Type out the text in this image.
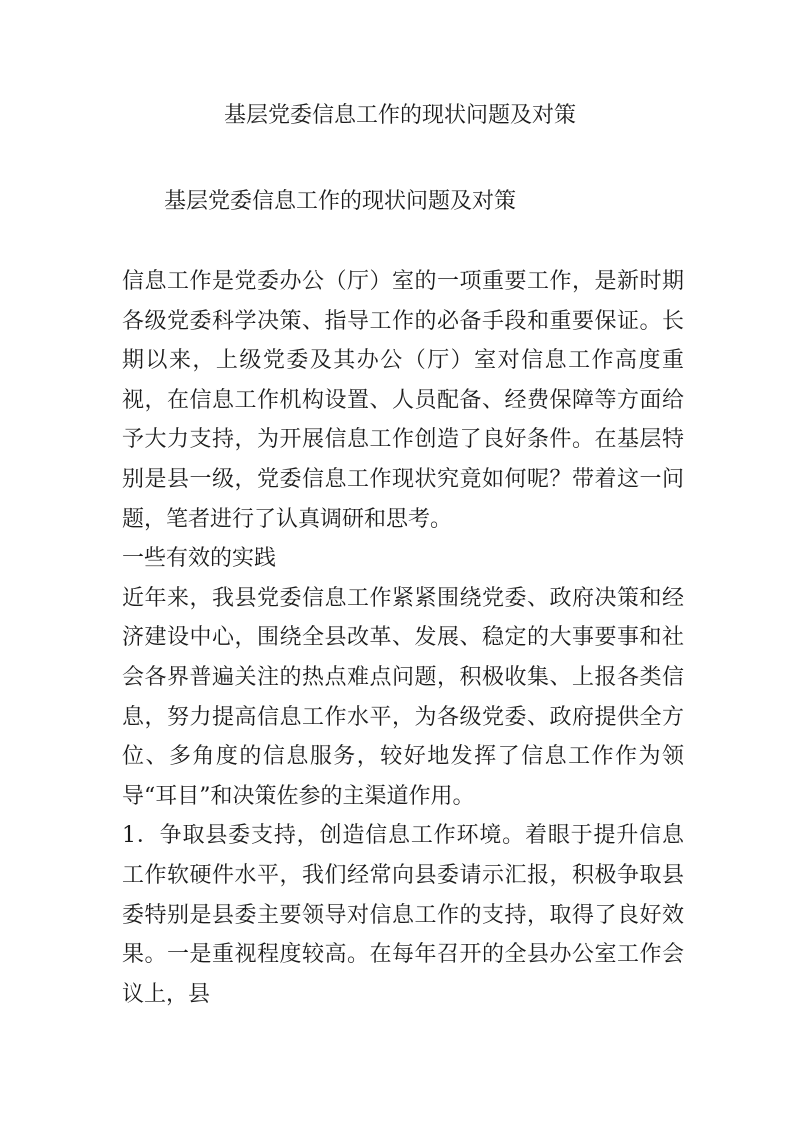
基层党委信息工作的现状问题及对策
基层党委信息工作的现状问题及对策

信息工作是党委办公（厅）室的一项重要工作，是新时期各级党委科学决策、指导工作的必备手段和重要保证。长期以来，上级党委及其办公（厅）室对信息工作高度重视，在信息工作机构设置、人员配备、经费保障等方面给予大力支持，为开展信息工作创造了良好条件。在基层特别是县一级，党委信息工作现状究竟如何呢？带着这一问题，笔者进行了认真调研和思考。

一些有效的实践

近年来，我县党委信息工作紧紧围绕党委、政府决策和经济建设中心，围绕全县改革、发展、稳定的大事要事和社会各界普遍关注的热点难点问题，积极收集、上报各类信息，努力提高信息工作水平，为各级党委、政府提供全方位、多角度的信息服务，较好地发挥了信息工作作为领导“耳目”和决策佐参的主渠道作用。

1．争取县委支持，创造信息工作环境。着眼于提升信息工作软硬件水平，我们经常向县委请示汇报，积极争取县委特别是县委主要领导对信息工作的支持，取得了良好效果。一是重视程度较高。在每年召开的全县办公室工作会议上，县
